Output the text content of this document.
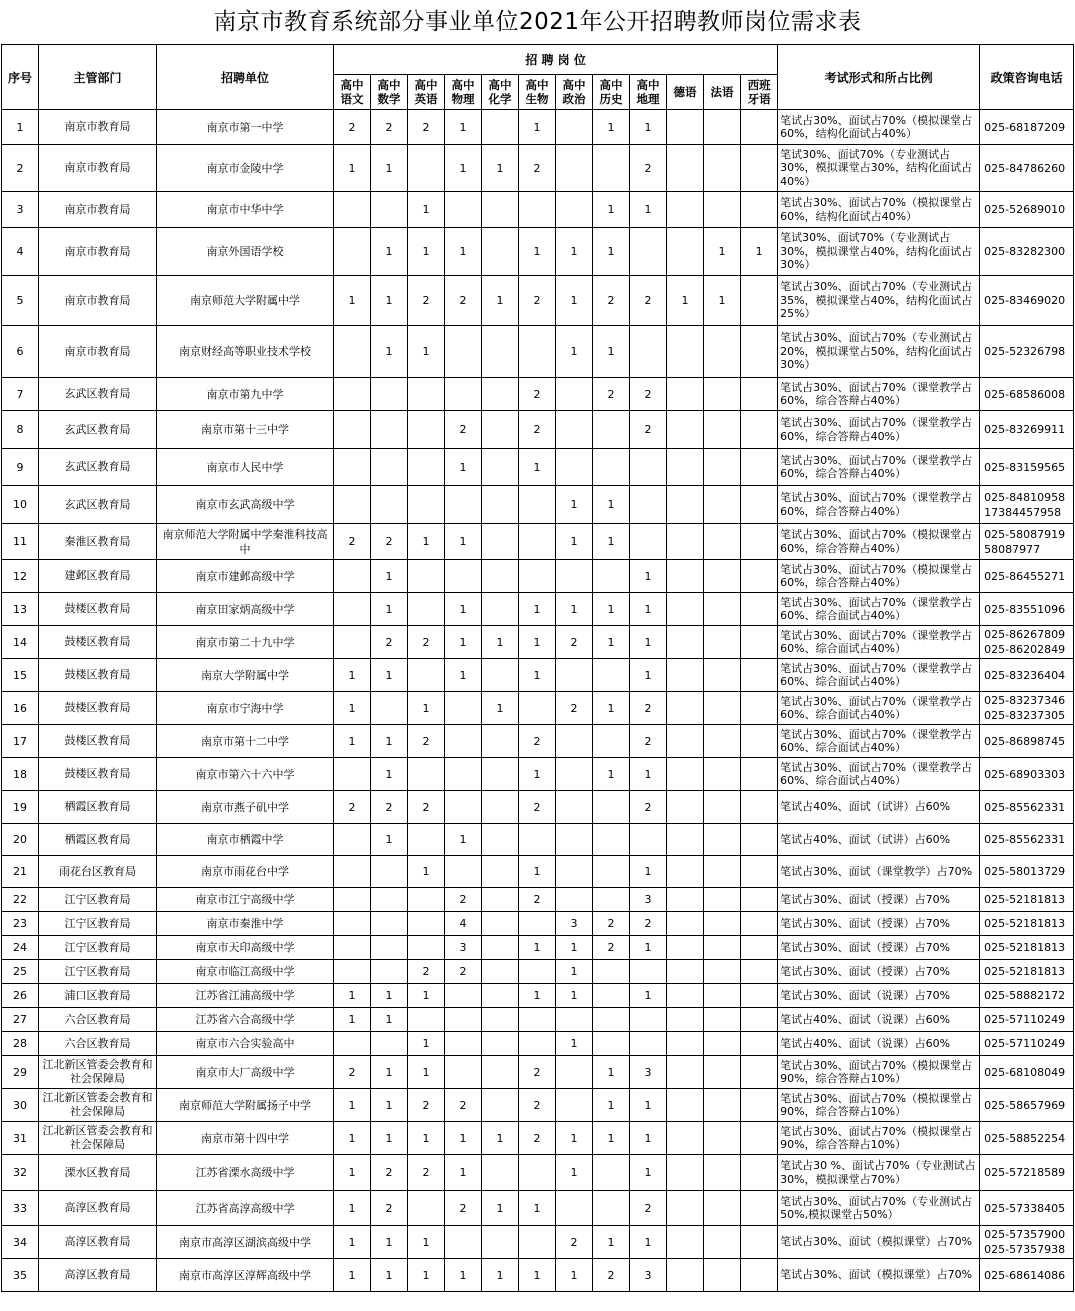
南京市教育系统部分事业单位2021年公开招聘教师岗位需求表
序号	主管部门	招聘单位	招 聘 岗 位												考试形式和所占比例	政策咨询电话
			高中语文	高中数学	高中英语	高中物理	高中化学	高中生物	高中政治	高中历史	高中地理	德语	法语	西班牙语		
1	南京市教育局	南京市第一中学	2	2	2	1		1		1	1				笔试占30%、面试占70%（模拟课堂占60%，结构化面试占40%）	025-68187209
2	南京市教育局	南京市金陵中学	1	1		1	1	2			2				笔试30%、面试70%（专业测试占30%，模拟课堂占30%，结构化面试占40%）	025-84786260
3	南京市教育局	南京市中华中学			1					1	1				笔试占30%、面试占70%（模拟课堂占60%，结构化面试占40%）	025-52689010
4	南京市教育局	南京外国语学校		1	1	1		1	1	1			1	1	笔试30%、面试70%（专业测试占30%，模拟课堂占40%，结构化面试占30%）	025-83282300
5	南京市教育局	南京师范大学附属中学	1	1	2	2	1	2	1	2	2	1	1		笔试占30%、面试占70%（专业测试占35%，模拟课堂占40%，结构化面试占25%）	025-83469020
6	南京市教育局	南京财经高等职业技术学校		1	1				1	1					笔试占30%、面试占70%（专业测试占20%，模拟课堂占50%，结构化面试占30%）	025-52326798
7	玄武区教育局	南京市第九中学						2		2	2				笔试占30%、面试占70%（课堂教学占 60%，综合答辩占40%）	025-68586008
8	玄武区教育局	南京市第十三中学				2		2			2				笔试占30%、面试占70%（课堂教学占 60%，综合答辩占40%）	025-83269911
9	玄武区教育局	南京市人民中学				1		1							笔试占30%、面试占70%（课堂教学占 60%，综合答辩占40%）	025-83159565
10	玄武区教育局	南京市玄武高级中学							1	1					笔试占30%、面试占70%（课堂教学占 60%，综合答辩占40%）	025-84810958
17384457958
11	秦淮区教育局	南京师范大学附属中学秦淮科技高中	2	2	1	1			1	1					笔试占30%、面试占70%（模拟课堂占60%，综合答辩占40%）	025-58087919
58087977
12	建邺区教育局	南京市建邺高级中学		1							1				笔试占30%、面试占70%（模拟课堂占60%，综合答辩占40%）	025-86455271
13	鼓楼区教育局	南京田家炳高级中学		1		1		1	1	1	1				笔试占30%、面试占70%（课堂教学占60%、综合面试占40%）	025-83551096
14	鼓楼区教育局	南京市第二十九中学		2	2	1	1	1	2	1	1				笔试占30%、面试占70%（课堂教学占60%、综合面试占40%）	025-86267809
025-86202849
15	鼓楼区教育局	南京大学附属中学	1	1		1		1			1				笔试占30%、面试占70%（课堂教学占60%、综合面试占40%）	025-83236404
16	鼓楼区教育局	南京市宁海中学	1		1		1		2	1	2				笔试占30%、面试占70%（课堂教学占60%、综合面试占40%）	025-83237346
025-83237305
17	鼓楼区教育局	南京市第十二中学	1	1	2			2			2				笔试占30%、面试占70%（课堂教学占60%、综合面试占40%）	025-86898745
18	鼓楼区教育局	南京市第六十六中学		1				1		1	1				笔试占30%、面试占70%（课堂教学占60%、综合面试占40%）	025-68903303
19	栖霞区教育局	南京市燕子矶中学	2	2	2			2			2				笔试占40%、面试（试讲）占60%	025-85562331
20	栖霞区教育局	南京市栖霞中学		1		1									笔试占40%、面试（试讲）占60%	025-85562331
21	雨花台区教育局	南京市雨花台中学			1			1			1				笔试占30%、面试（课堂教学）占70%	025-58013729
22	江宁区教育局	南京市江宁高级中学				2		2			3				笔试占30%、面试（授课）占70%	025-52181813
23	江宁区教育局	南京市秦淮中学				4			3	2	2				笔试占30%、面试（授课）占70%	025-52181813
24	江宁区教育局	南京市天印高级中学				3		1	1	2	1				笔试占30%、面试（授课）占70%	025-52181813
25	江宁区教育局	南京市临江高级中学			2	2			1						笔试占30%、面试（授课）占70%	025-52181813
26	浦口区教育局	江苏省江浦高级中学	1	1	1			1	1		1				笔试占30%、面试（说课）占70%	025-58882172
27	六合区教育局	江苏省六合高级中学	1	1											笔试占40%、面试（说课）占60%	025-57110249
28	六合区教育局	南京市六合实验高中			1				1						笔试占40%、面试（说课）占60%	025-57110249
29	江北新区管委会教育和社会保障局	南京市大厂高级中学	2	1	1			2		1	3				笔试占30%、面试占70%（模拟课堂占90%，综合答辩占10%）	025-68108049
30	江北新区管委会教育和社会保障局	南京师范大学附属扬子中学	1	1	2	2		2		1	1				笔试占30%、面试占70%（模拟课堂占90%，综合答辩占10%）	025-58657969
31	江北新区管委会教育和社会保障局	南京市第十四中学	1	1	1	1	1	2	1	1	1				笔试占30%、面试占70%（模拟课堂占90%，综合答辩占10%）	025-58852254
32	溧水区教育局	江苏省溧水高级中学	1	2	2	1			1		1				笔试占30 %、面试占70%（专业测试占30%，模拟课堂占70%）	025-57218589
33	高淳区教育局	江苏省高淳高级中学	1	2		2	1	1			2				笔试占30%、面试占70%（专业测试占50%,模拟课堂占50%）	025-57338405
34	高淳区教育局	南京市高淳区湖滨高级中学	1	1	1				2	1	1				笔试占30%、面试（模拟课堂）占70%	025-57357900
025-57357938
35	高淳区教育局	南京市高淳区淳辉高级中学	1	1	1	1	1	1	1	2	3				笔试占30%、面试（模拟课堂）占70%	025-68614086
